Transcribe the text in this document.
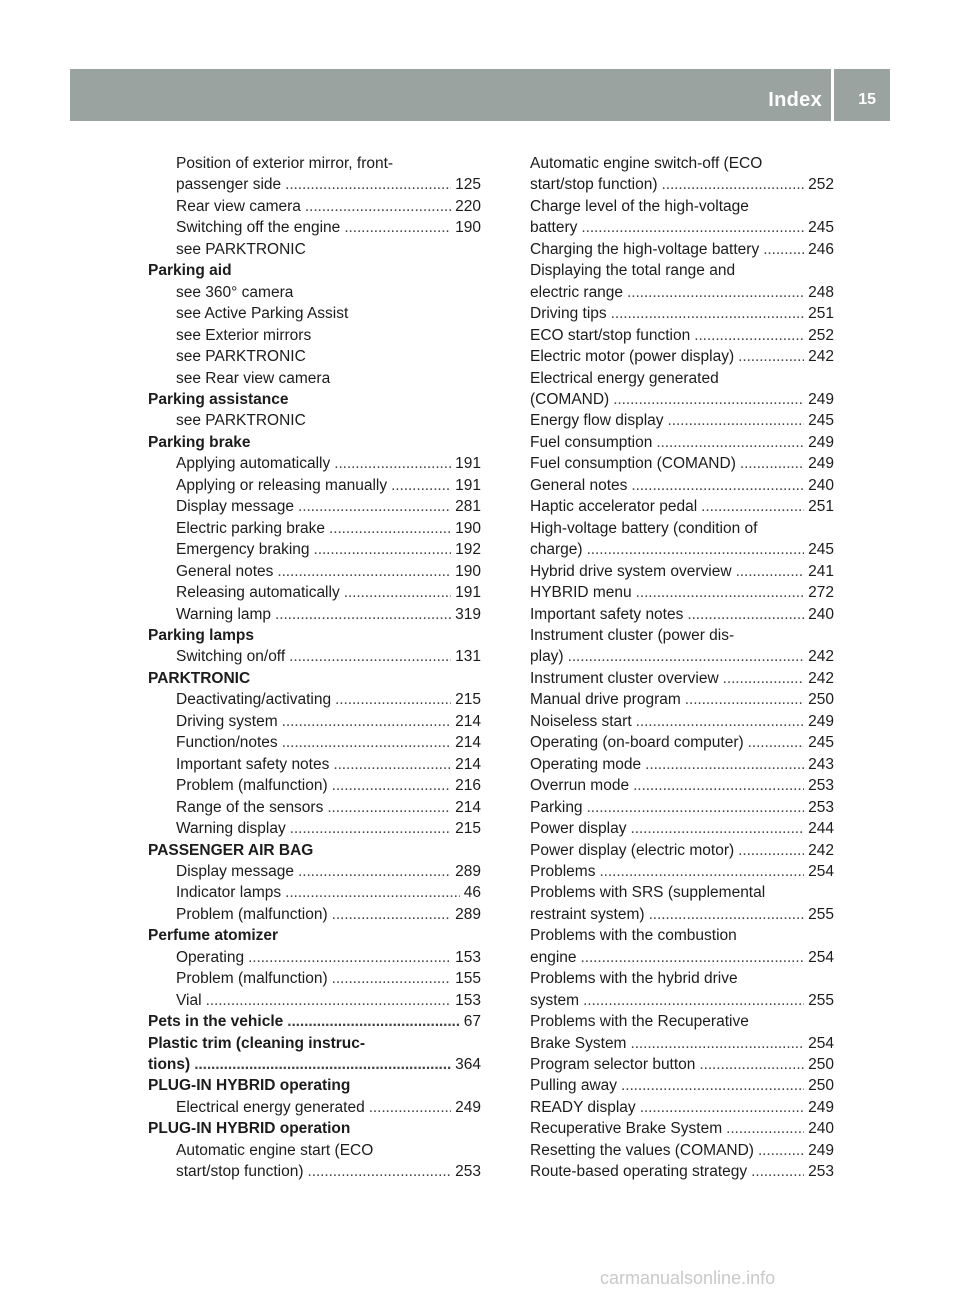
Index 15
Position of exterior mirror, front-
passenger side . . .	125
Rear view camera . . .	220
Switching off the engine . . .	190
see PARKTRONIC
Parking aid
see 360° camera
see Active Parking Assist
see Exterior mirrors
see PARKTRONIC
see Rear view camera
Parking assistance
see PARKTRONIC
Parking brake
Applying automatically . . .	191
Applying or releasing manually . . .	191
Display message . . .	281
Electric parking brake . . .	190
Emergency braking . . .	192
General notes . . .	190
Releasing automatically . . .	191
Warning lamp . . .	319
Parking lamps
Switching on/off . . .	131
PARKTRONIC
Deactivating/activating . . .	215
Driving system . . .	214
Function/notes . . .	214
Important safety notes . . .	214
Problem (malfunction) . . .	216
Range of the sensors . . .	214
Warning display . . .	215
PASSENGER AIR BAG
Display message . . .	289
Indicator lamps . . .	46
Problem (malfunction) . . .	289
Perfume atomizer
Operating . . .	153
Problem (malfunction) . . .	155
Vial . . .	153
Pets in the vehicle . . .	67
Plastic trim (cleaning instruc-
tions) . . .	364
PLUG-IN HYBRID operating
Electrical energy generated . . .	249
PLUG-IN HYBRID operation
Automatic engine start (ECO
start/stop function) . . .	253
Automatic engine switch-off (ECO
start/stop function) . . .	252
Charge level of the high-voltage
battery . . .	245
Charging the high-voltage battery . . .	246
Displaying the total range and
electric range . . .	248
Driving tips . . .	251
ECO start/stop function . . .	252
Electric motor (power display) . . .	242
Electrical energy generated
(COMAND) . . .	249
Energy flow display . . .	245
Fuel consumption . . .	249
Fuel consumption (COMAND) . . .	249
General notes . . .	240
Haptic accelerator pedal . . .	251
High-voltage battery (condition of
charge) . . .	245
Hybrid drive system overview . . .	241
HYBRID menu . . .	272
Important safety notes . . .	240
Instrument cluster (power dis-
play) . . .	242
Instrument cluster overview . . .	242
Manual drive program . . .	250
Noiseless start . . .	249
Operating (on-board computer) . . .	245
Operating mode . . .	243
Overrun mode . . .	253
Parking . . .	253
Power display . . .	244
Power display (electric motor) . . .	242
Problems . . .	254
Problems with SRS (supplemental
restraint system) . . .	255
Problems with the combustion
engine . . .	254
Problems with the hybrid drive
system . . .	255
Problems with the Recuperative
Brake System . . .	254
Program selector button . . .	250
Pulling away . . .	250
READY display . . .	249
Recuperative Brake System . . .	240
Resetting the values (COMAND) . . .	249
Route-based operating strategy . . .	253
carmanualsonline.info
